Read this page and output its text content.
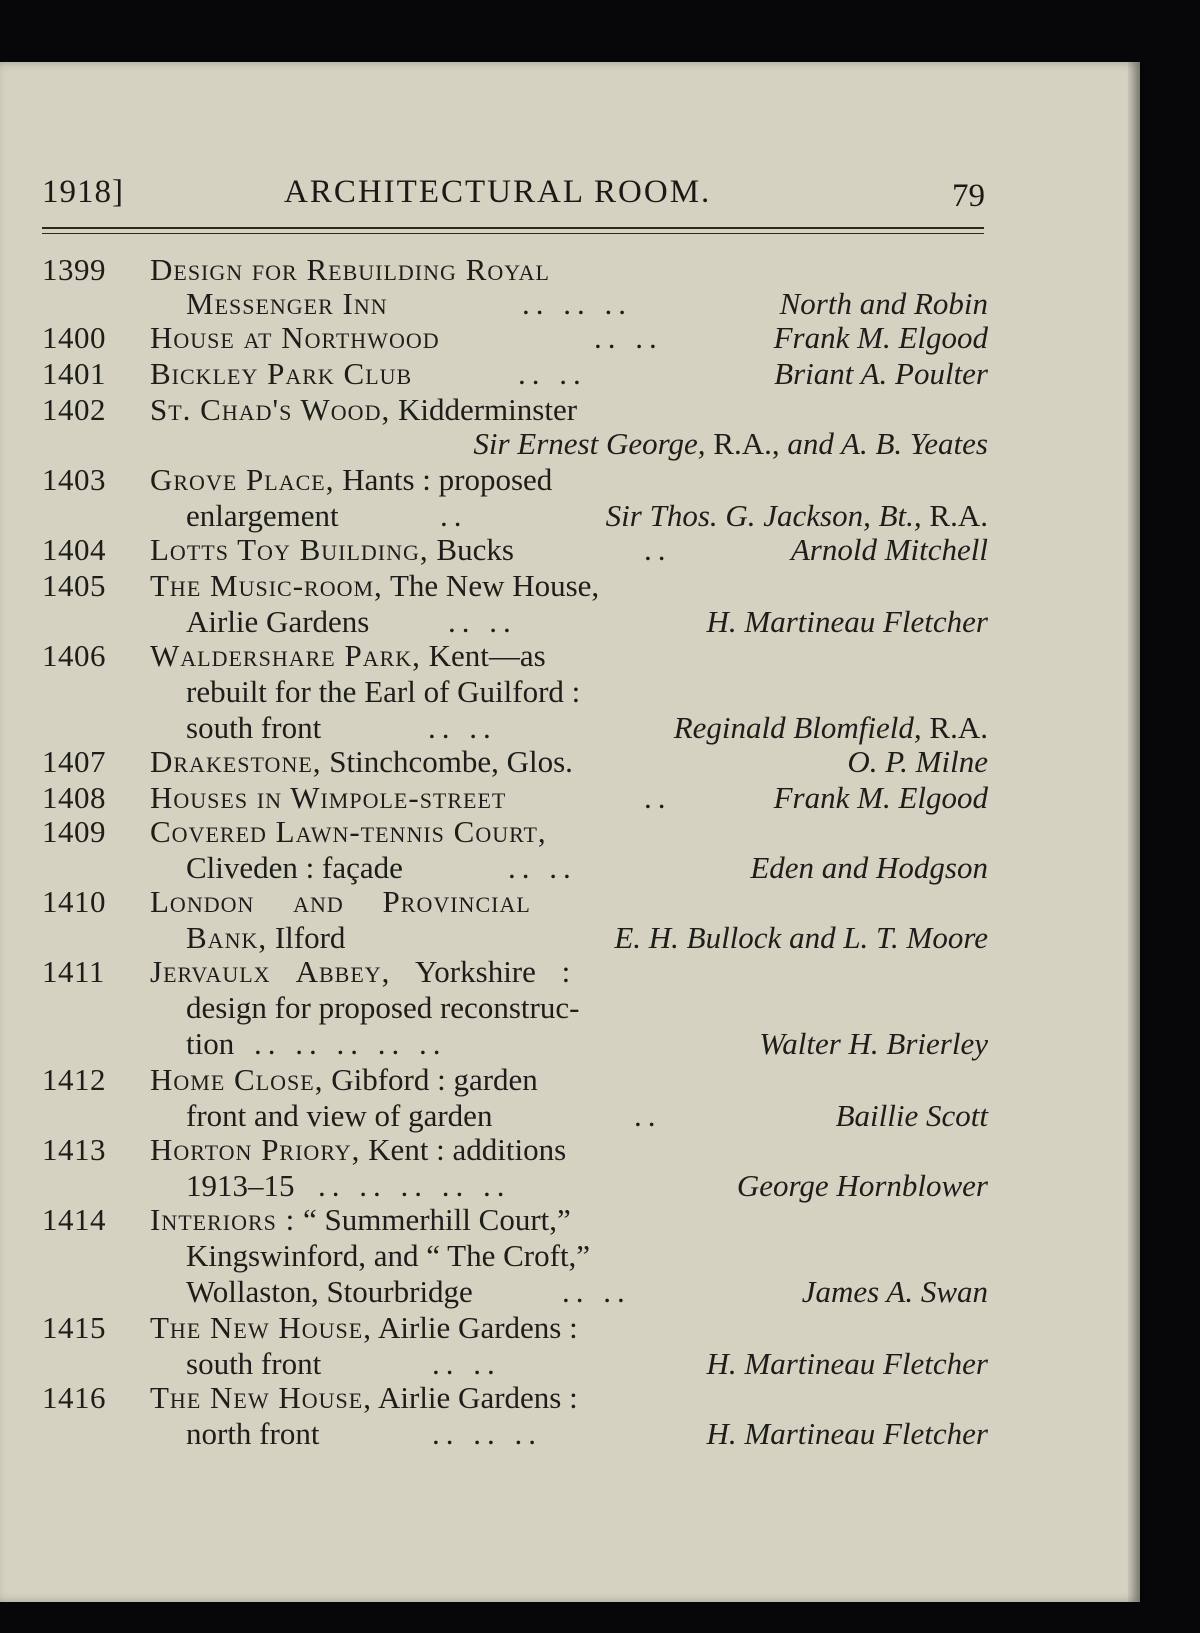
1918]	ARCHITECTURAL ROOM.	79
1399 Design for Rebuilding Royal
Messenger Inn	.. .. ..	North and Robin
1400 House at Northwood	.. ..	Frank M. Elgood
1401 Bickley Park Club	.. ..	Briant A. Poulter
1402 St. Chad's Wood, Kidderminster
Sir Ernest George, R.A., and A. B. Yeates
1403 Grove Place, Hants : proposed
enlargement	..	Sir Thos. G. Jackson, Bt., R.A.
1404 Lotts Toy Building, Bucks	..	Arnold Mitchell
1405 The Music-room, The New House,
Airlie Gardens	.. ..	H. Martineau Fletcher
1406 Waldershare Park, Kent—as
rebuilt for the Earl of Guilford :
south front	.. ..	Reginald Blomfield, R.A.
1407 Drakestone, Stinchcombe, Glos.	O. P. Milne
1408 Houses in Wimpole-street	..	Frank M. Elgood
1409 Covered Lawn-tennis Court,
Cliveden : façade	.. ..	Eden and Hodgson
1410 London and Provincial
Bank, Ilford	E. H. Bullock and L. T. Moore
1411 Jervaulx Abbey, Yorkshire :
design for proposed reconstruc-
tion .. .. .. .. ..	Walter H. Brierley
1412 Home Close, Gibford : garden
front and view of garden	..	Baillie Scott
1413 Horton Priory, Kent : additions
1913–15 .. .. .. .. ..	George Hornblower
1414 Interiors : “ Summerhill Court,”
Kingswinford, and “ The Croft,”
Wollaston, Stourbridge	.. ..	James A. Swan
1415 The New House, Airlie Gardens :
south front	.. ..	H. Martineau Fletcher
1416 The New House, Airlie Gardens :
north front	.. .. ..	H. Martineau Fletcher
